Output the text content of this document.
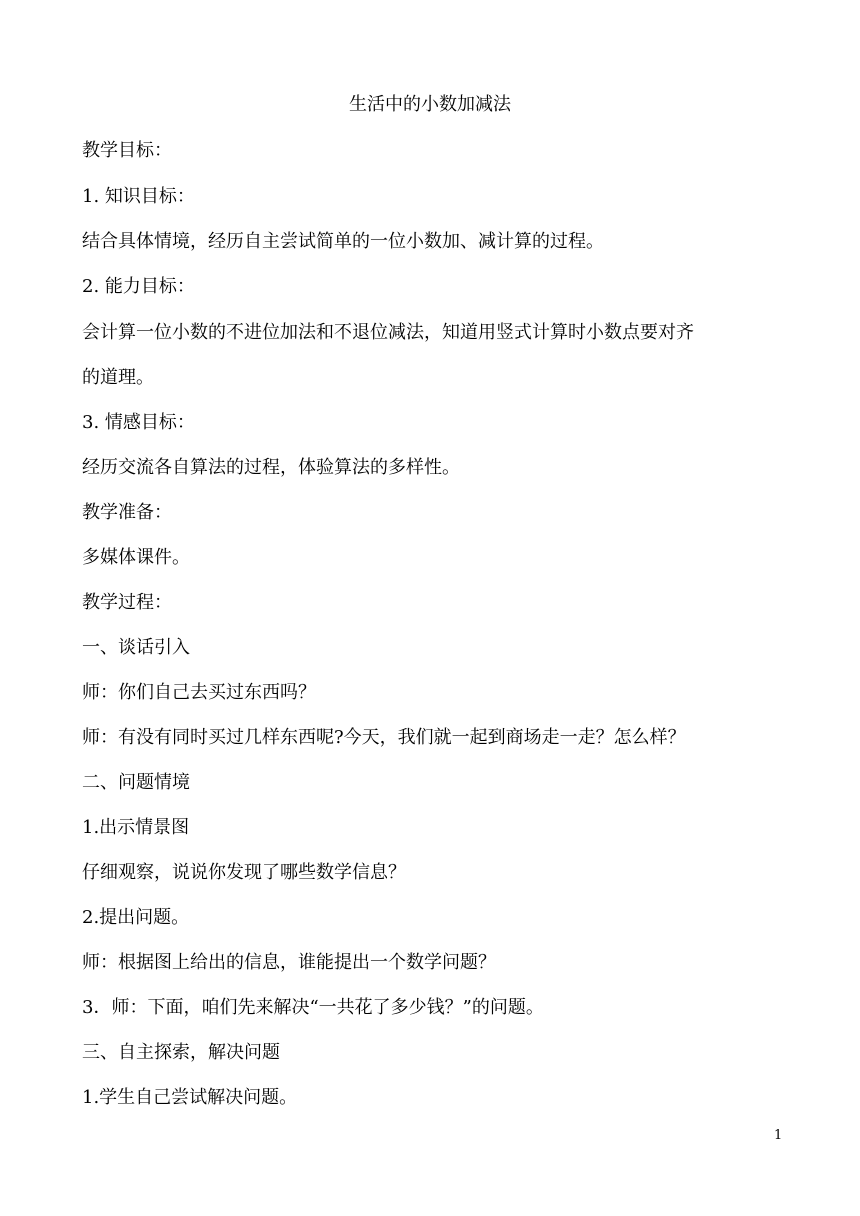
生活中的小数加减法
教学目标：
1. 知识目标：
结合具体情境，经历自主尝试简单的一位小数加、减计算的过程。
2. 能力目标：
会计算一位小数的不进位加法和不退位减法，知道用竖式计算时小数点要对齐
的道理。
3. 情感目标：
经历交流各自算法的过程，体验算法的多样性。
教学准备：
多媒体课件。
教学过程：
一、谈话引入
师：你们自己去买过东西吗？
师：有没有同时买过几样东西呢?今天，我们就一起到商场走一走？怎么样？
二、问题情境
1.出示情景图
仔细观察，说说你发现了哪些数学信息？
2.提出问题。
师：根据图上给出的信息，谁能提出一个数学问题？
3．师：下面，咱们先来解决“一共花了多少钱？”的问题。
三、自主探索，解决问题
1.学生自己尝试解决问题。
1
